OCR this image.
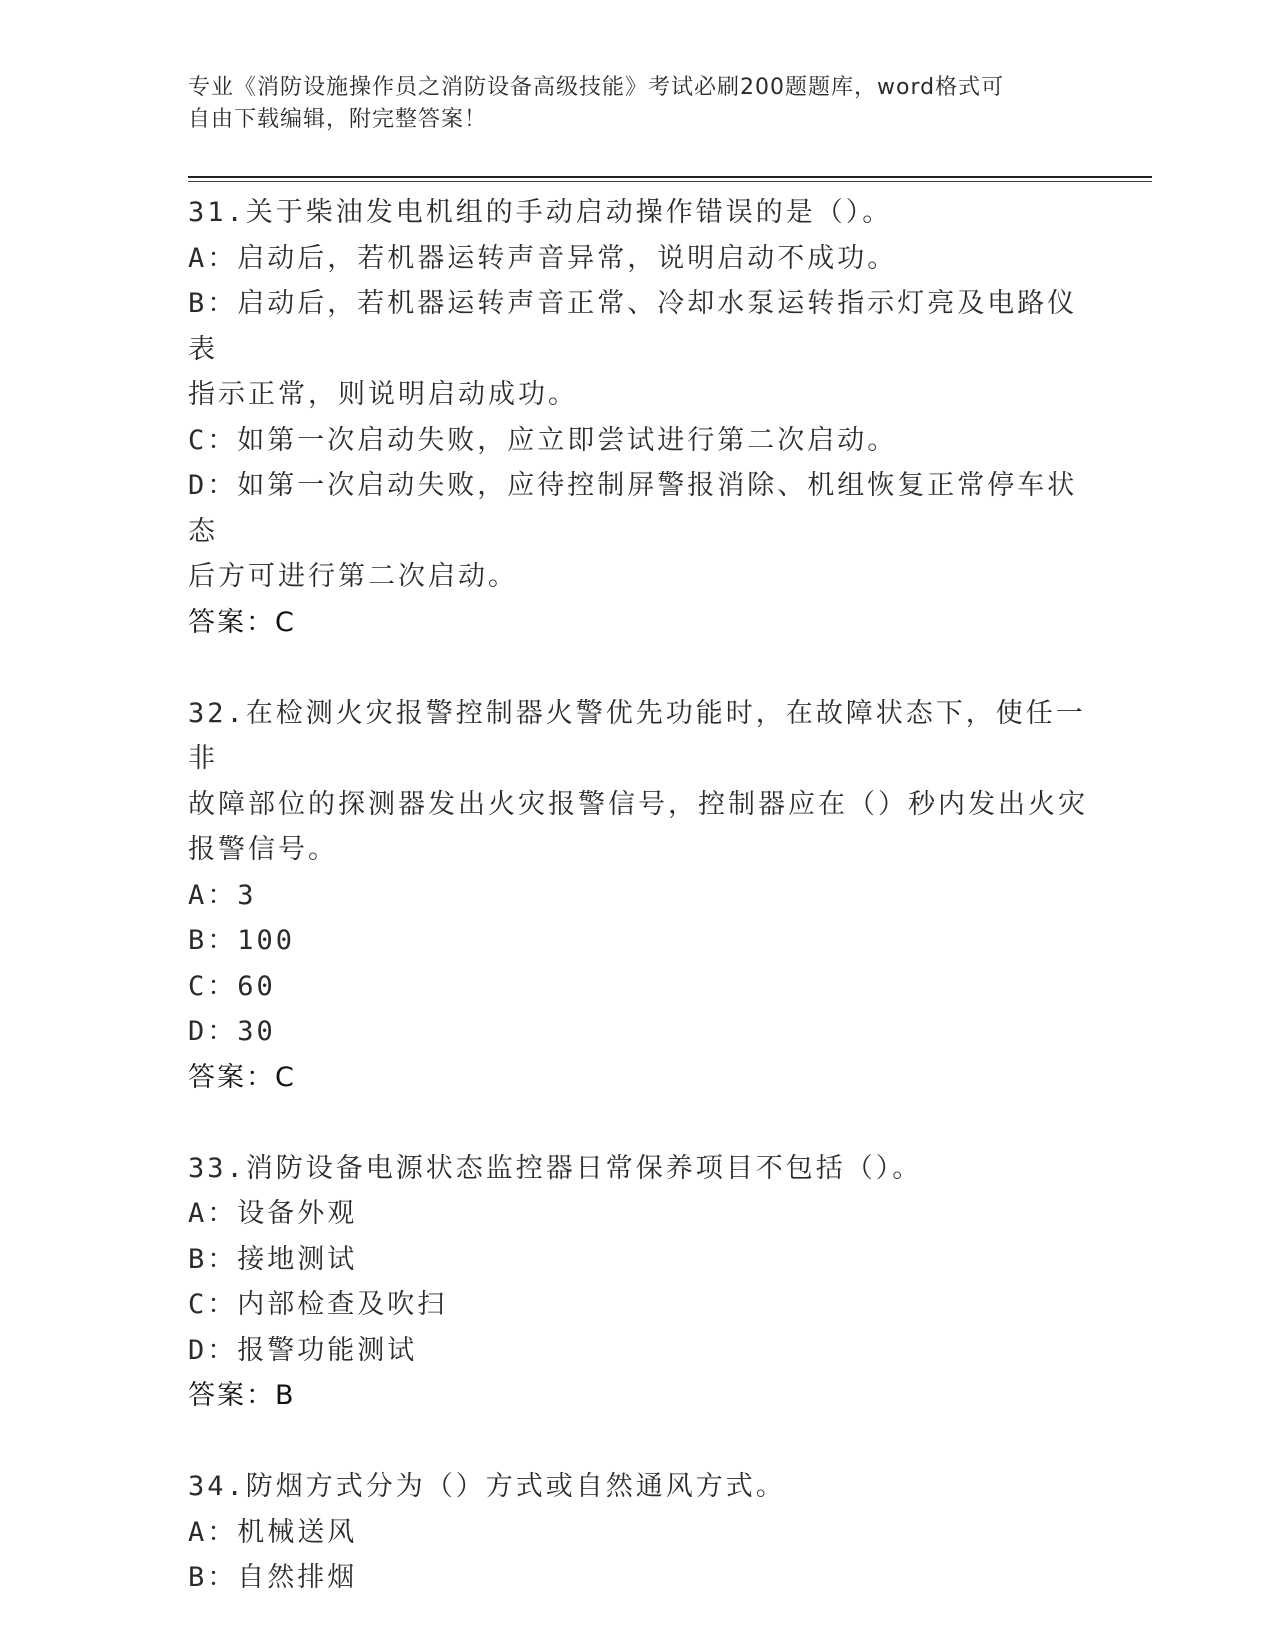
专业《消防设施操作员之消防设备高级技能》考试必刷200题题库，word格式可
自由下载编辑，附完整答案！
31.关于柴油发电机组的手动启动操作错误的是（）。
A：启动后，若机器运转声音异常，说明启动不成功。
B：启动后，若机器运转声音正常、冷却水泵运转指示灯亮及电路仪表
指示正常，则说明启动成功。
C：如第一次启动失败，应立即尝试进行第二次启动。
D：如第一次启动失败，应待控制屏警报消除、机组恢复正常停车状态
后方可进行第二次启动。
答案：C
32.在检测火灾报警控制器火警优先功能时，在故障状态下，使任一非
故障部位的探测器发出火灾报警信号，控制器应在（）秒内发出火灾
报警信号。
A：3
B：100
C：60
D：30
答案：C
33.消防设备电源状态监控器日常保养项目不包括（）。
A：设备外观
B：接地测试
C：内部检查及吹扫
D：报警功能测试
答案：B
34.防烟方式分为（）方式或自然通风方式。
A：机械送风
B：自然排烟
